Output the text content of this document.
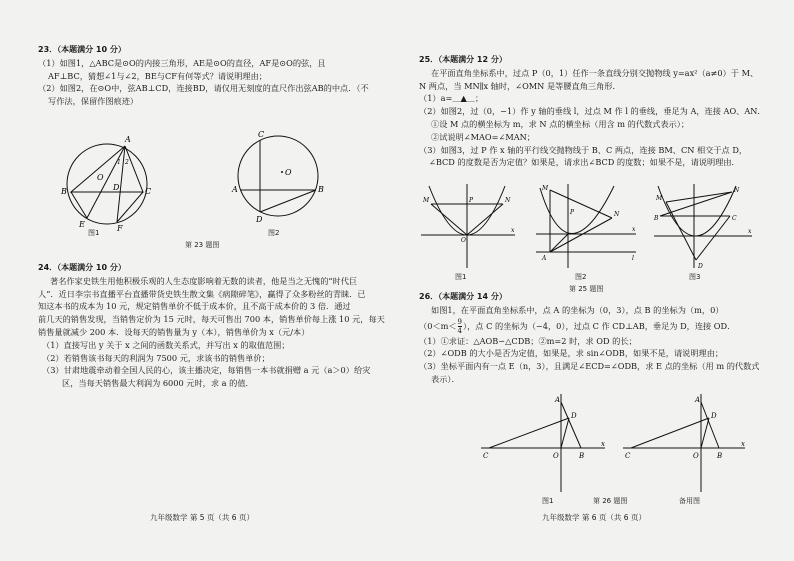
23．（本题满分 10 分）
（1）如图1，△ABC是⊙O的内接三角形，AE是⊙O的直径，AF是⊙O的弦，且
AF⊥BC，猜想∠1与∠2，BE与CF有何等式？请说明理由；
（2）如图2，在⊙O中，弦AB⊥CD，连接BD，请仅用无刻度的直尺作出弦AB的中点．（不
写作法，保留作图痕迹）
A
B	C
D
O
E	F
1 2
图1
C
A	B
D
O
图2
第 23 题图
24．（本题满分 10 分）
著名作家史铁生用他积极乐观的人生态度影响着无数的读者，他是当之无愧的“时代巨
人”．近日李宗书直播平台直播带货史铁生散文集《病隙碎笔》，赢得了众多粉丝的青睐．已
知这本书的成本为 10 元，规定销售单价不低于成本价，且不高于成本价的 3 倍．通过
前几天的销售发现，当销售定价为 15 元时，每天可售出 700 本，销售单价每上涨 10 元，每天
销售量就减少 200 本．设每天的销售量为 y（本），销售单价为 x（元/本）
（1）直接写出 y 关于 x 之间的函数关系式，并写出 x 的取值范围；
（2）若销售该书每天的利润为 7500 元，求该书的销售单价；
（3）甘肃地震牵动着全国人民的心，该主播决定，每销售一本书就捐赠 a 元（a＞0）给灾
区，当每天销售最大利润为 6000 元时，求 a 的值．
九年级数学 第 5 页（共 6 页）
25．（本题满分 12 分）
在平面直角坐标系中，过点 P（0，1）任作一条直线分别交抛物线 y=ax²（a≠0）于 M、
N 两点，当 MN∥x 轴时，∠OMN 是等腰直角三角形．
（1）a=＿▲＿；
（2）如图2，过（0，−1）作 y 轴的垂线 l，过点 M 作 l 的垂线，垂足为 A，连接 AO、AN．
①设 M 点的横坐标为 m，求 N 点的横坐标（用含 m 的代数式表示）；
②试说明∠MAO=∠MAN；
（3）如图3，过 P 作 x 轴的平行线交抛物线于 B、C 两点，连接 BM、CN 相交于点 D，
∠BCD 的度数是否为定值？如果是，请求出∠BCD 的度数；如果不是，请说明理由．
M	N
P
O
x
图1
M
N
P
A	l
x
图2
M
B	C
N
D
x
图3
第 25 题图
26．（本题满分 14 分）
如图1，在平面直角坐标系中，点 A 的坐标为（0，3），点 B 的坐标为（m，0）
（$0<m< \frac{9}{4}$ ），点 C 的坐标为（−4，0），过点 C 作 CD⊥AB，垂足为 D，连接 OD．
（1）①求证：△AOB∽△CDB；②m=2 时，求 OD 的长；
（2）∠ODB 的大小是否为定值，如果是，求 sin∠ODB，如果不是，请说明理由；
（3）坐标平面内有一点 E（n，3），且满足∠ECD=∠ODB，求 E 点的坐标（用 m 的代数式
表示）．
A
D
C	O	B
x
图1
A
D
C	O	B
x
第 26 题图	备用图
九年级数学 第 6 页（共 6 页）
